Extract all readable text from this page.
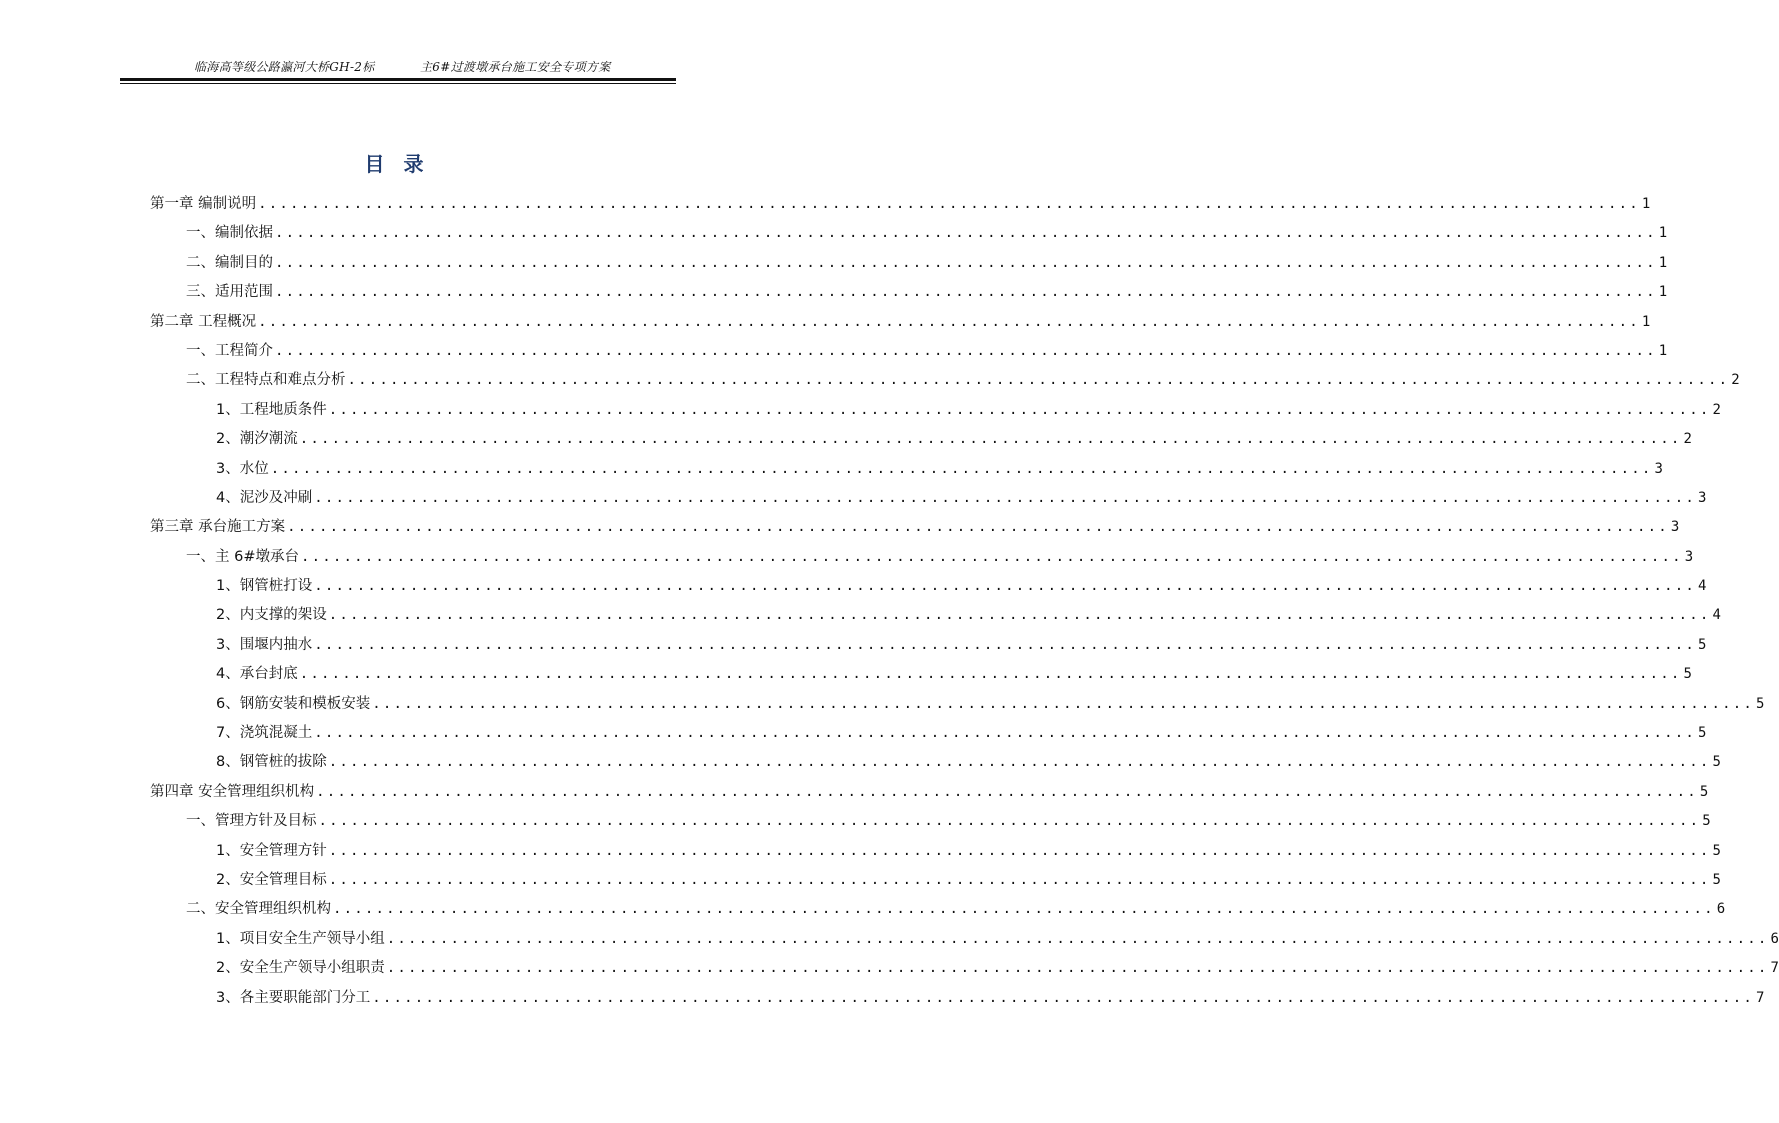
临海高等级公路瀛河大桥GH-2标	主6#过渡墩承台施工安全专项方案
目 录
第一章 编制说明 .................................................................................................................................. 1
一、编制依据 .................................................................................................................................. 1
二、编制目的 .................................................................................................................................. 1
三、适用范围 .................................................................................................................................. 1
第二章 工程概况 .................................................................................................................................. 1
一、工程简介 .................................................................................................................................. 1
二、工程特点和难点分析 .................................................................................................................................. 2
1、工程地质条件 .................................................................................................................................. 2
2、潮汐潮流 .................................................................................................................................. 2
3、水位 .................................................................................................................................. 3
4、泥沙及冲刷 .................................................................................................................................. 3
第三章 承台施工方案 .................................................................................................................................. 3
一、主 6#墩承台 .................................................................................................................................. 3
1、钢管桩打设 .................................................................................................................................. 4
2、内支撑的架设 .................................................................................................................................. 4
3、围堰内抽水 .................................................................................................................................. 5
4、承台封底 .................................................................................................................................. 5
6、钢筋安装和模板安装 .................................................................................................................................. 5
7、浇筑混凝土 .................................................................................................................................. 5
8、钢管桩的拔除 .................................................................................................................................. 5
第四章 安全管理组织机构 .................................................................................................................................. 5
一、管理方针及目标 .................................................................................................................................. 5
1、安全管理方针 .................................................................................................................................. 5
2、安全管理目标 .................................................................................................................................. 5
二、安全管理组织机构 .................................................................................................................................. 6
1、项目安全生产领导小组 .................................................................................................................................. 6
2、安全生产领导小组职责 .................................................................................................................................. 7
3、各主要职能部门分工 .................................................................................................................................. 7
